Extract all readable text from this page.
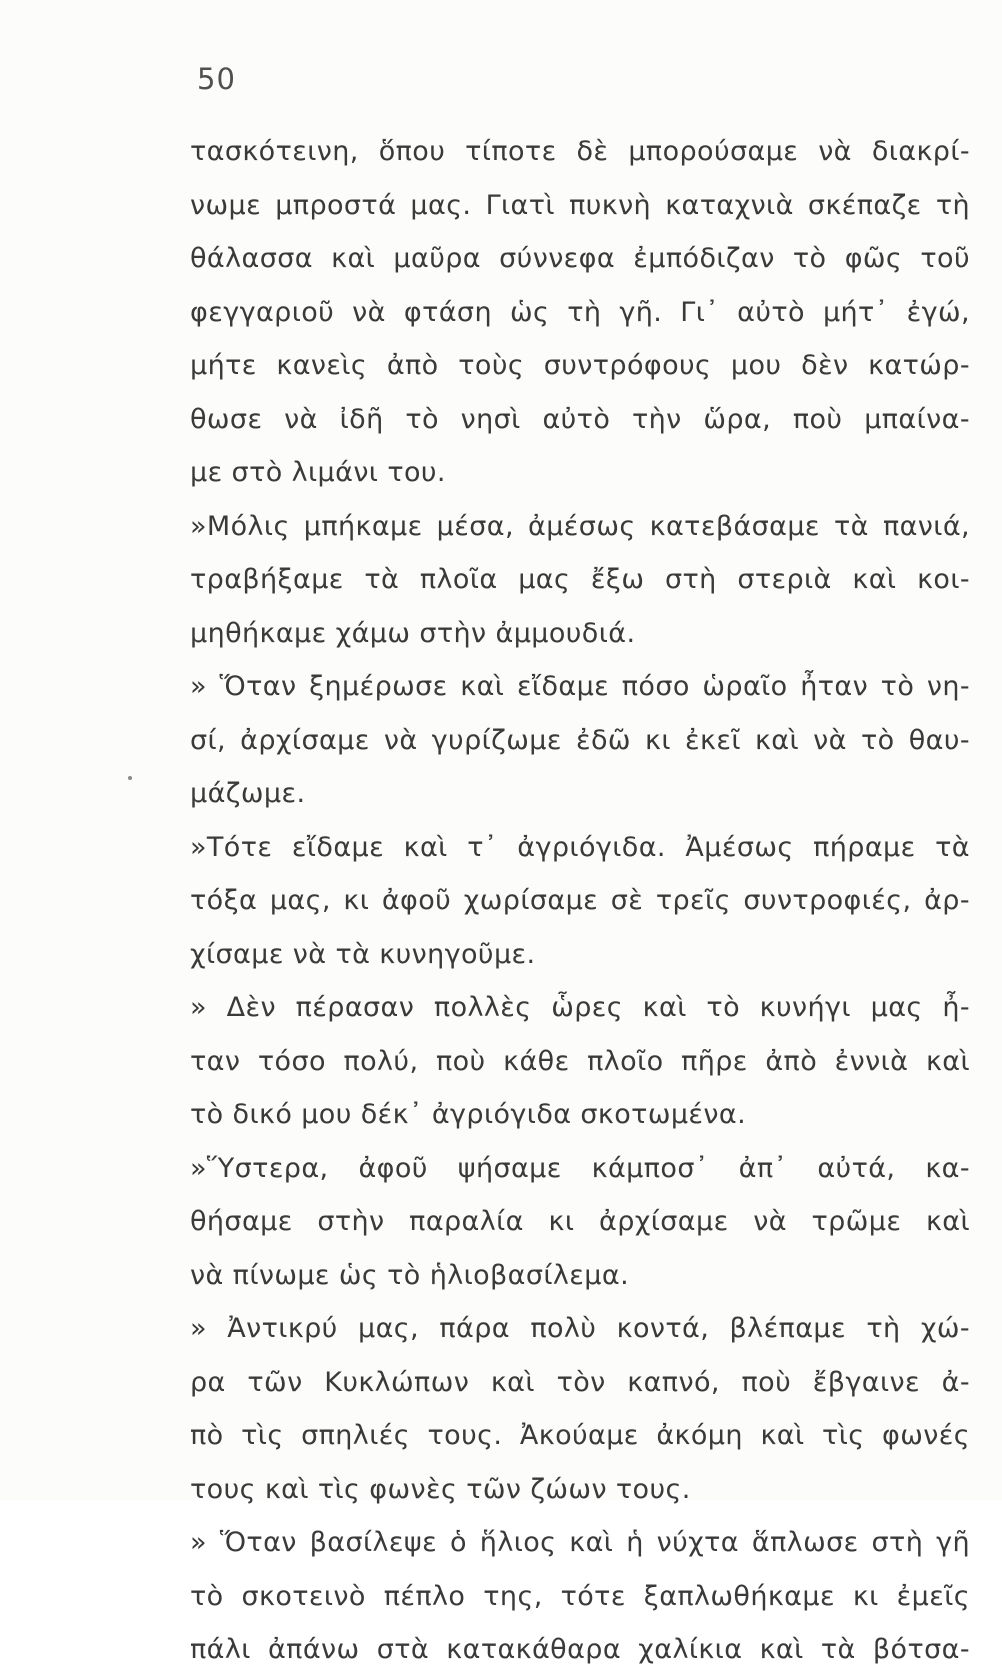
50
τασκότεινη, ὅπου τίποτε δὲ μπορούσαμε νὰ διακρί-
νωμε μπροστά μας. Γιατὶ πυκνὴ καταχνιὰ σκέπαζε τὴ
θάλασσα καὶ μαῦρα σύννεφα ἐμπόδιζαν τὸ φῶς τοῦ
φεγγαριοῦ νὰ φτάση ὡς τὴ γῆ. Γι᾽ αὐτὸ μήτ᾽ ἐγώ,
μήτε κανεὶς ἀπὸ τοὺς συντρόφους μου δὲν κατώρ-
θωσε νὰ ἰδῆ τὸ νησὶ αὐτὸ τὴν ὥρα, ποὺ μπαίνα-
με στὸ λιμάνι του.
»Μόλις μπήκαμε μέσα, ἀμέσως κατεβάσαμε τὰ πανιά,
τραβήξαμε τὰ πλοῖα μας ἔξω στὴ στεριὰ καὶ κοι-
μηθήκαμε χάμω στὴν ἀμμουδιά.
» Ὅταν ξημέρωσε καὶ εἴδαμε πόσο ὡραῖο ἦταν τὸ νη-
σί, ἀρχίσαμε νὰ γυρίζωμε ἐδῶ κι ἐκεῖ καὶ νὰ τὸ θαυ-
μάζωμε.
»Τότε εἴδαμε καὶ τ᾽ ἀγριόγιδα. Ἀμέσως πήραμε τὰ
τόξα μας, κι ἀφοῦ χωρίσαμε σὲ τρεῖς συντροφιές, ἀρ-
χίσαμε νὰ τὰ κυνηγοῦμε.
» Δὲν πέρασαν πολλὲς ὧρες καὶ τὸ κυνήγι μας ἦ-
ταν τόσο πολύ, ποὺ κάθε πλοῖο πῆρε ἀπὸ ἐννιὰ καὶ
τὸ δικό μου δέκ᾽ ἀγριόγιδα σκοτωμένα.
»Ὕστερα, ἀφοῦ ψήσαμε κάμποσ᾽ ἀπ᾽ αὐτά, κα-
θήσαμε στὴν παραλία κι ἀρχίσαμε νὰ τρῶμε καὶ
νὰ πίνωμε ὡς τὸ ἡλιοβασίλεμα.
» Ἀντικρύ μας, πάρα πολὺ κοντά, βλέπαμε τὴ χώ-
ρα τῶν Κυκλώπων καὶ τὸν καπνό, ποὺ ἔβγαινε ἀ-
πὸ τὶς σπηλιές τους. Ἀκούαμε ἀκόμη καὶ τὶς φωνές
τους καὶ τὶς φωνὲς τῶν ζώων τους.
» Ὅταν βασίλεψε ὁ ἥλιος καὶ ἡ νύχτα ἅπλωσε στὴ γῆ
τὸ σκοτεινὸ πέπλο της, τότε ξαπλωθήκαμε κι ἐμεῖς
πάλι ἀπάνω στὰ κατακάθαρα χαλίκια καὶ τὰ βότσα-
